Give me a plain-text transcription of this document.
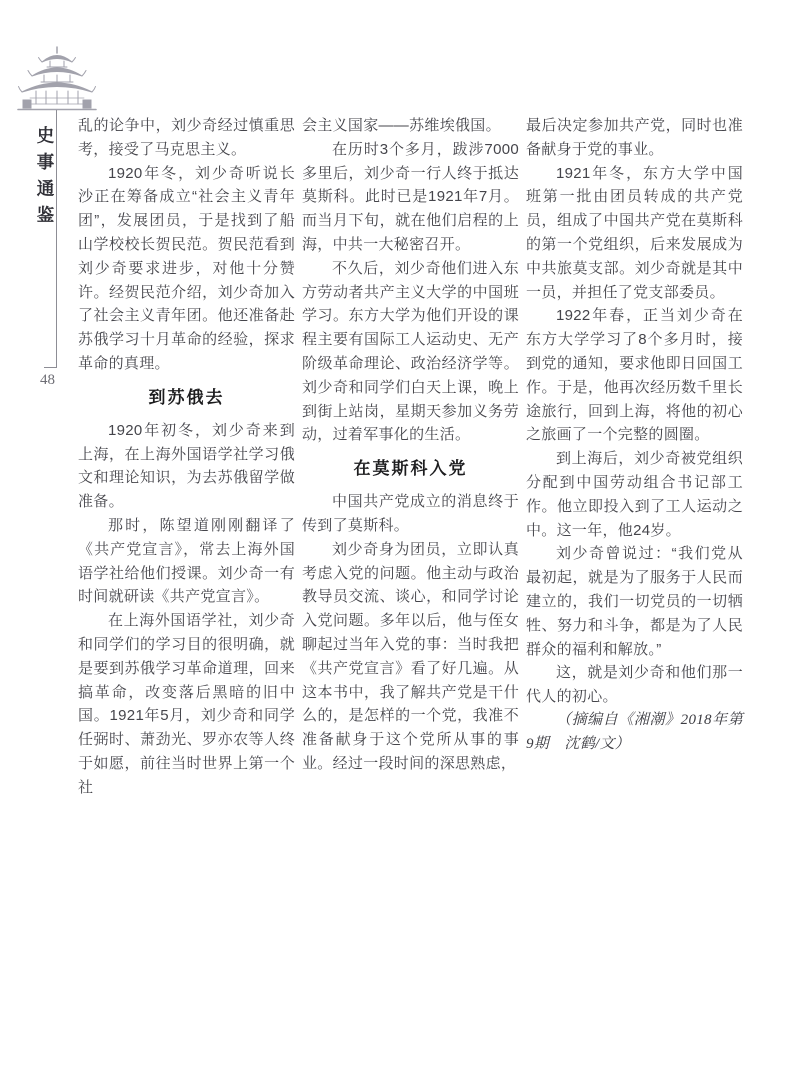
史事通鉴
48

乱的论争中，刘少奇经过慎重思考，接受了马克思主义。

1920年冬，刘少奇听说长沙正在筹备成立“社会主义青年团”，发展团员，于是找到了船山学校校长贺民范。贺民范看到刘少奇要求进步，对他十分赞许。经贺民范介绍，刘少奇加入了社会主义青年团。他还准备赴苏俄学习十月革命的经验，探求革命的真理。

到苏俄去

1920年初冬，刘少奇来到上海，在上海外国语学社学习俄文和理论知识，为去苏俄留学做准备。

那时，陈望道刚刚翻译了《共产党宣言》，常去上海外国语学社给他们授课。刘少奇一有时间就研读《共产党宣言》。

在上海外国语学社，刘少奇和同学们的学习目的很明确，就是要到苏俄学习革命道理，回来搞革命，改变落后黑暗的旧中国。1921年5月，刘少奇和同学任弼时、萧劲光、罗亦农等人终于如愿，前往当时世界上第一个社

会主义国家——苏维埃俄国。

在历时3个多月，跋涉7000多里后，刘少奇一行人终于抵达莫斯科。此时已是1921年7月。而当月下旬，就在他们启程的上海，中共一大秘密召开。

不久后，刘少奇他们进入东方劳动者共产主义大学的中国班学习。东方大学为他们开设的课程主要有国际工人运动史、无产阶级革命理论、政治经济学等。刘少奇和同学们白天上课，晚上到街上站岗，星期天参加义务劳动，过着军事化的生活。

在莫斯科入党

中国共产党成立的消息终于传到了莫斯科。

刘少奇身为团员，立即认真考虑入党的问题。他主动与政治教导员交流、谈心，和同学讨论入党问题。多年以后，他与侄女聊起过当年入党的事：当时我把《共产党宣言》看了好几遍。从这本书中，我了解共产党是干什么的，是怎样的一个党，我准不准备献身于这个党所从事的事业。经过一段时间的深思熟虑，

最后决定参加共产党，同时也准备献身于党的事业。

1921年冬，东方大学中国班第一批由团员转成的共产党员，组成了中国共产党在莫斯科的第一个党组织，后来发展成为中共旅莫支部。刘少奇就是其中一员，并担任了党支部委员。

1922年春，正当刘少奇在东方大学学习了8个多月时，接到党的通知，要求他即日回国工作。于是，他再次经历数千里长途旅行，回到上海，将他的初心之旅画了一个完整的圆圈。

到上海后，刘少奇被党组织分配到中国劳动组合书记部工作。他立即投入到了工人运动之中。这一年，他24岁。

刘少奇曾说过：“我们党从最初起，就是为了服务于人民而建立的，我们一切党员的一切牺牲、努力和斗争，都是为了人民群众的福利和解放。”

这，就是刘少奇和他们那一代人的初心。

（摘编自《湘潮》2018年第9期　沈鹤/文）
